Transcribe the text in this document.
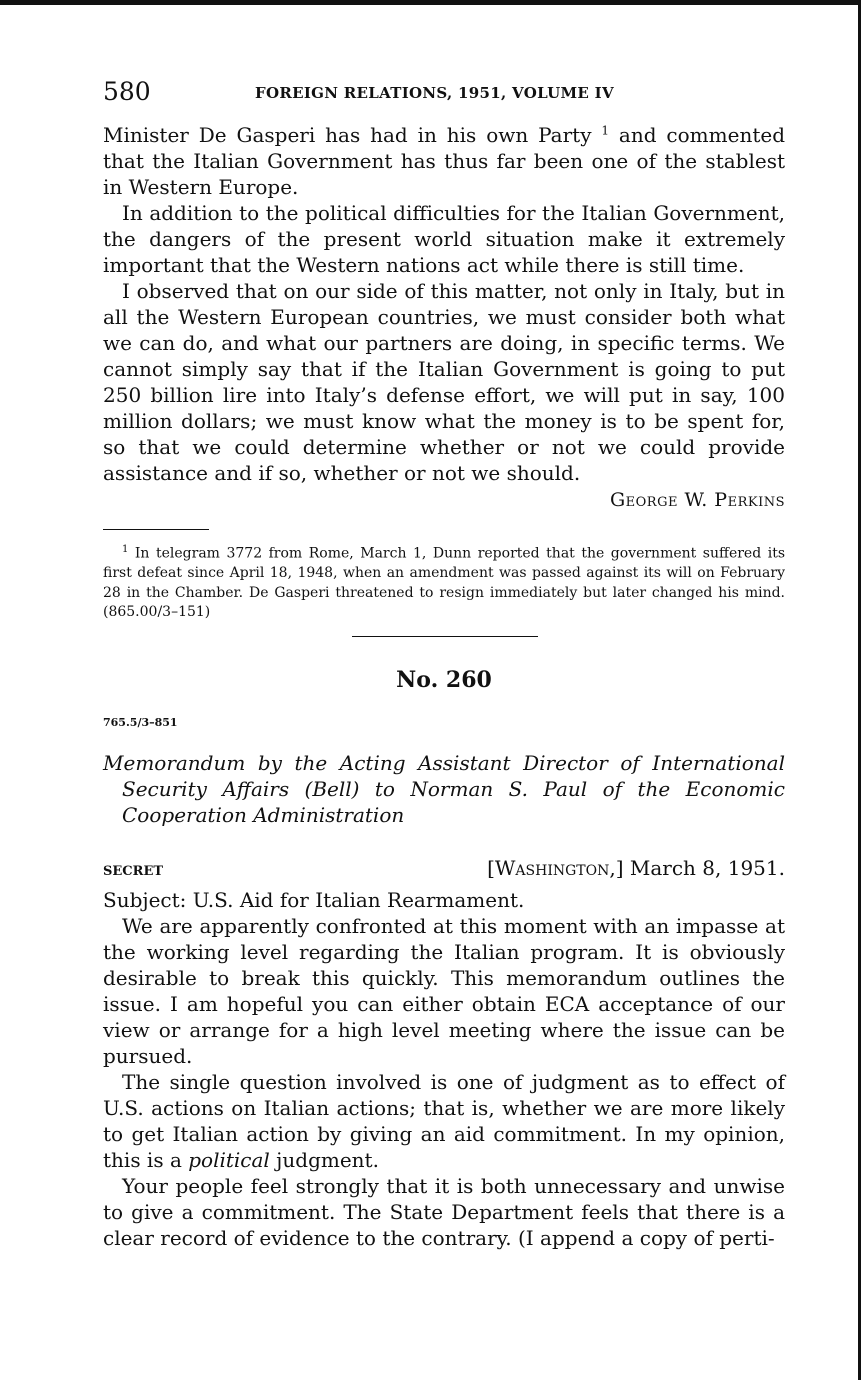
580	FOREIGN RELATIONS, 1951, VOLUME IV

Minister De Gasperi has had in his own Party $^1$ and commented that the Italian Government has thus far been one of the stablest in Western Europe.

In addition to the political difficulties for the Italian Government, the dangers of the present world situation make it extremely important that the Western nations act while there is still time.

I observed that on our side of this matter, not only in Italy, but in all the Western European countries, we must consider both what we can do, and what our partners are doing, in specific terms. We cannot simply say that if the Italian Government is going to put 250 billion lire into Italy’s defense effort, we will put in say, 100 million dollars; we must know what the money is to be spent for, so that we could determine whether or not we could provide assistance and if so, whether or not we should.

George W. Perkins
$^1$ In telegram 3772 from Rome, March 1, Dunn reported that the government suffered its first defeat since April 18, 1948, when an amendment was passed against its will on February 28 in the Chamber. De Gasperi threatened to resign immediately but later changed his mind. (865.00/3–151)
No. 260
765.5/3–851
Memorandum by the Acting Assistant Director of International Security Affairs (Bell) to Norman S. Paul of the Economic Cooperation Administration
SECRET	[Washington,] March 8, 1951.

Subject: U.S. Aid for Italian Rearmament.

We are apparently confronted at this moment with an impasse at the working level regarding the Italian program. It is obviously desirable to break this quickly. This memorandum outlines the issue. I am hopeful you can either obtain ECA acceptance of our view or arrange for a high level meeting where the issue can be pursued.

The single question involved is one of judgment as to effect of U.S. actions on Italian actions; that is, whether we are more likely to get Italian action by giving an aid commitment. In my opinion, this is a political judgment.

Your people feel strongly that it is both unnecessary and unwise to give a commitment. The State Department feels that there is a clear record of evidence to the contrary. (I append a copy of perti-
